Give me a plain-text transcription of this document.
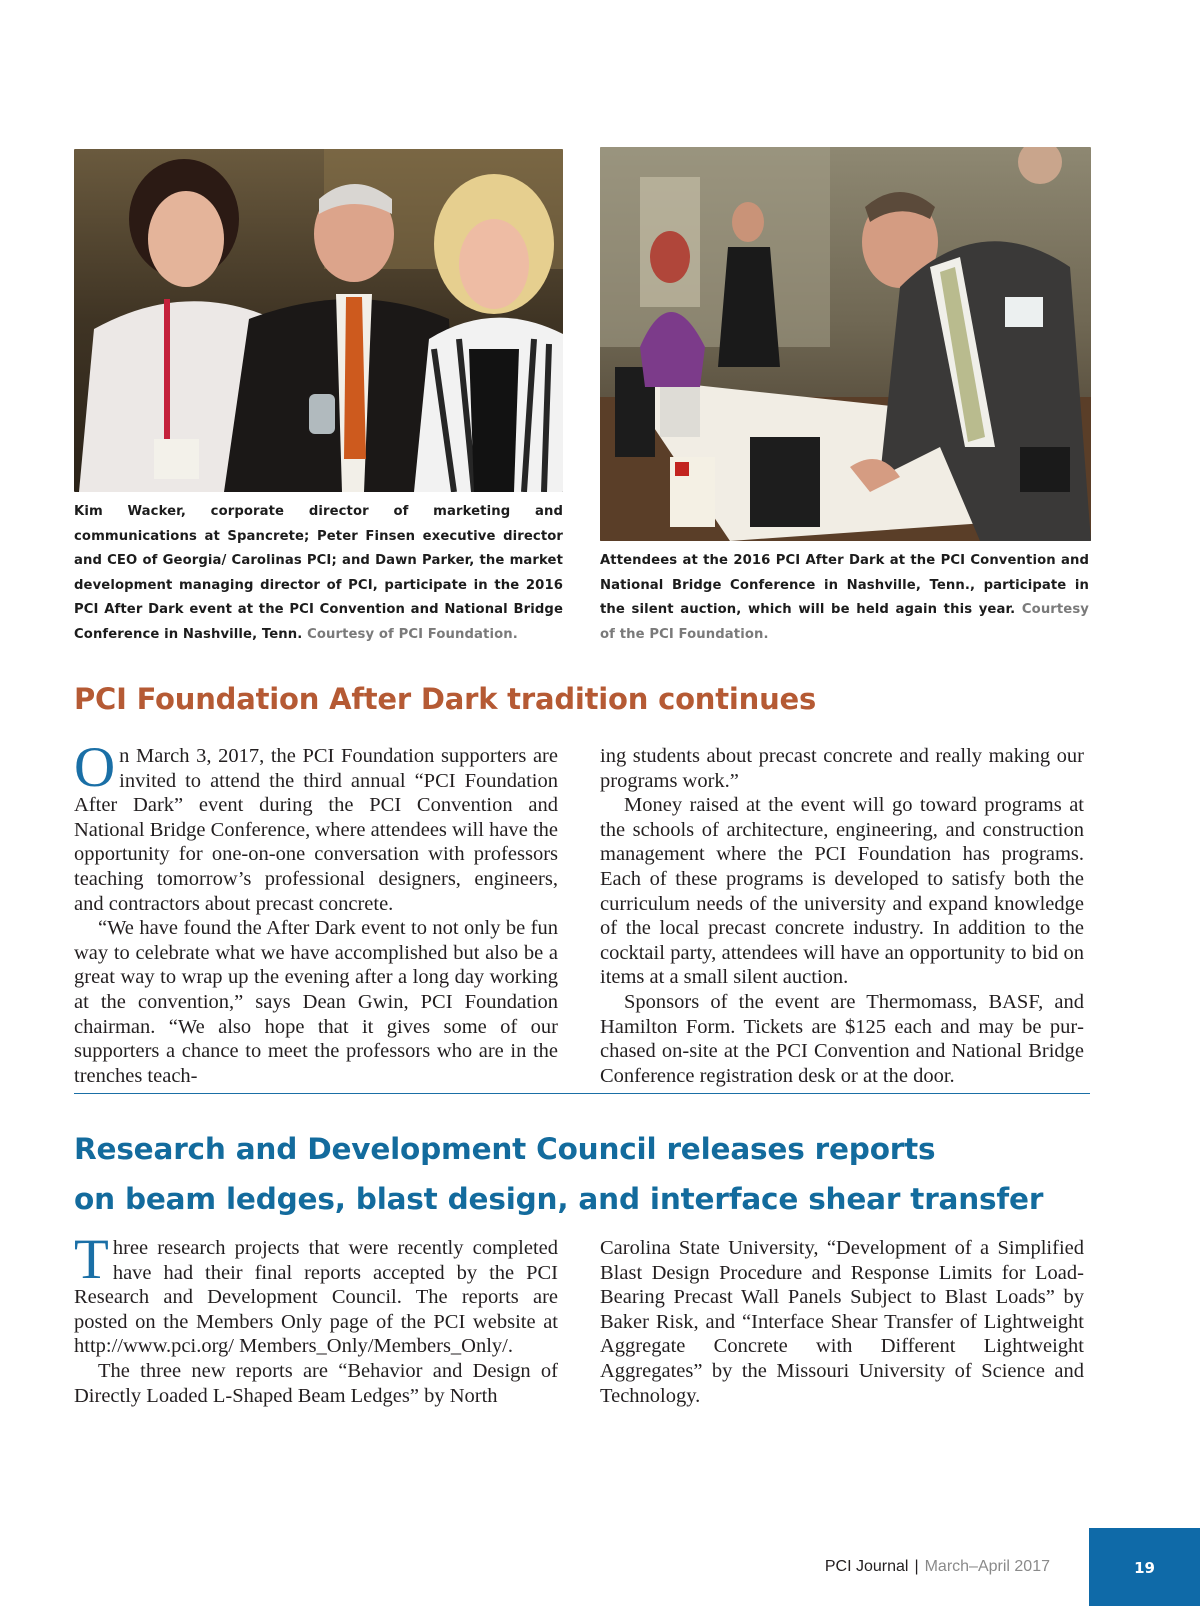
Kim Wacker, corporate director of marketing and communications at Spancrete; Peter Finsen executive director and CEO of Georgia/ Carolinas PCI; and Dawn Parker, the market development managing director of PCI, participate in the 2016 PCI After Dark event at the PCI Convention and National Bridge Conference in Nashville, Tenn. Courtesy of PCI Foundation.
Attendees at the 2016 PCI After Dark at the PCI Convention and National Bridge Conference in Nashville, Tenn., participate in the silent auction, which will be held again this year. Courtesy of the PCI Foundation.
PCI Foundation After Dark tradition continues

On March 3, 2017, the PCI Foundation supporters are invited to attend the third annual “PCI Foundation After Dark” event during the PCI Convention and National Bridge Conference, where attendees will have the opportunity for one-on-one conversation with professors teaching tomorrow’s professional designers, engineers, and contractors about precast concrete.

“We have found the After Dark event to not only be fun way to celebrate what we have accomplished but also be a great way to wrap up the evening after a long day working at the convention,” says Dean Gwin, PCI Foundation chairman. “We also hope that it gives some of our supporters a chance to meet the professors who are in the trenches teach-

ing students about precast concrete and really making our programs work.”

Money raised at the event will go toward programs at the schools of architecture, engineering, and construction management where the PCI Foundation has programs. Each of these programs is developed to satisfy both the curriculum needs of the university and expand knowledge of the local precast concrete industry. In addition to the cocktail party, attendees will have an opportunity to bid on items at a small silent auction.

Sponsors of the event are Thermomass, BASF, and Hamilton Form. Tickets are $125 each and may be purchased on-site at the PCI Convention and National Bridge Conference registration desk or at the door.

Research and Development Council releases reports
on beam ledges, blast design, and interface shear transfer

Three research projects that were recently completed have had their final reports accepted by the PCI Research and Development Council. The reports are posted on the Members Only page of the PCI website at http://www.pci.org/ Members_Only/Members_Only/.

The three new reports are “Behavior and Design of Directly Loaded L-Shaped Beam Ledges” by North

Carolina State University, “Development of a Simplified Blast Design Procedure and Response Limits for Load-Bearing Precast Wall Panels Subject to Blast Loads” by Baker Risk, and “Interface Shear Transfer of Lightweight Aggregate Concrete with Different Lightweight Aggregates” by the Missouri University of Science and Technology.

PCI Journal | March–April 2017	19
